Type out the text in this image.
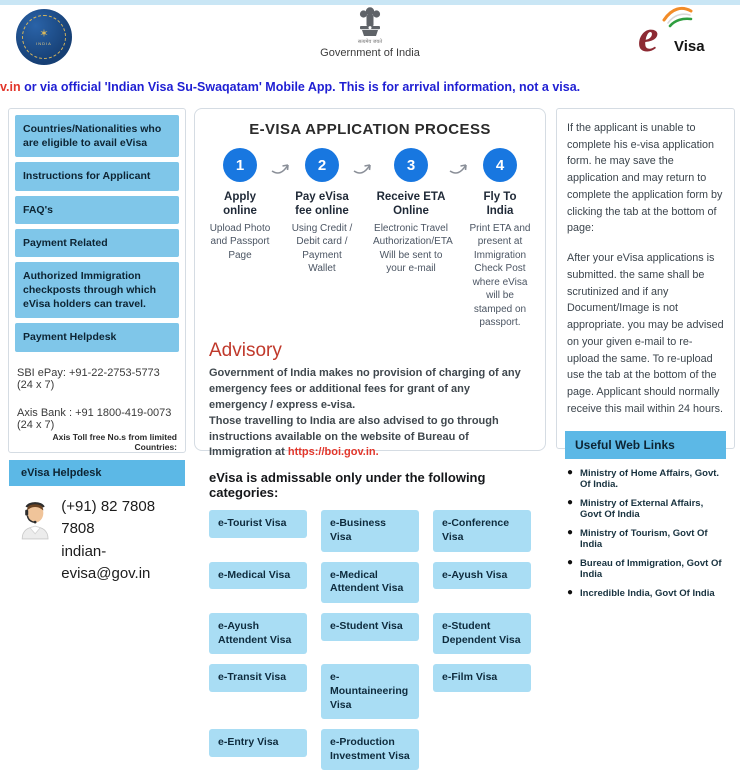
✶
INDIA	सत्यमेव जयते
Government of India	e Visa
v.in or via official 'Indian Visa Su-Swaqatam' Mobile App. This is for arrival information, not a visa.
Countries/Nationalities who are eligible to avail eVisa
Instructions for Applicant
FAQ's
Payment Related
Authorized Immigration checkposts through which eVisa holders can travel.
Payment Helpdesk
SBI ePay: +91-22-2753-5773 (24 x 7)
Axis Bank : +91 1800-419-0073 (24 x 7)
Axis Toll free No.s from limited Countries:
eVisa Helpdesk
(+91) 82 7808 7808
indian-evisa@gov.in
E-VISA APPLICATION PROCESS
1
Apply online
Upload Photo and Passport Page
2
Pay eVisa fee online
Using Credit / Debit card / Payment Wallet
3
Receive ETA Online
Electronic Travel Authorization/ETA Will be sent to your e-mail
4
Fly To India
Print ETA and present at Immigration Check Post where eVisa will be stamped on passport.
Advisory
Government of India makes no provision of charging of any emergency fees or additional fees for grant of any emergency / express e-visa.
Those travelling to India are also advised to go through instructions available on the website of Bureau of Immigration at https://boi.gov.in.
eVisa is admissable only under the following categories:
e-Tourist Visa	e-Business Visa
e-Conference Visa
e-Medical Visa	e-Medical Attendent Visa
e-Ayush Visa
e-Ayush Attendent Visa
e-Student Visa	e-Student Dependent Visa
e-Transit Visa	e-Mountaineering Visa
e-Film Visa
e-Entry Visa	e-Production Investment Visa
If the applicant is unable to complete his e-visa application form. he may save the application and may return to complete the application form by clicking the tab at the bottom of page:
After your eVisa applications is submitted. the same shall be scrutinized and if any Document/Image is not appropriate. you may be advised on your given e-mail to re-upload the same. To re-upload use the tab at the bottom of the page. Applicant should normally receive this mail within 24 hours.
Useful Web Links
● Ministry of Home Affairs, Govt. Of India.
● Ministry of External Affairs, Govt Of India
● Ministry of Tourism, Govt Of India
● Bureau of Immigration, Govt Of India
● Incredible India, Govt Of India
